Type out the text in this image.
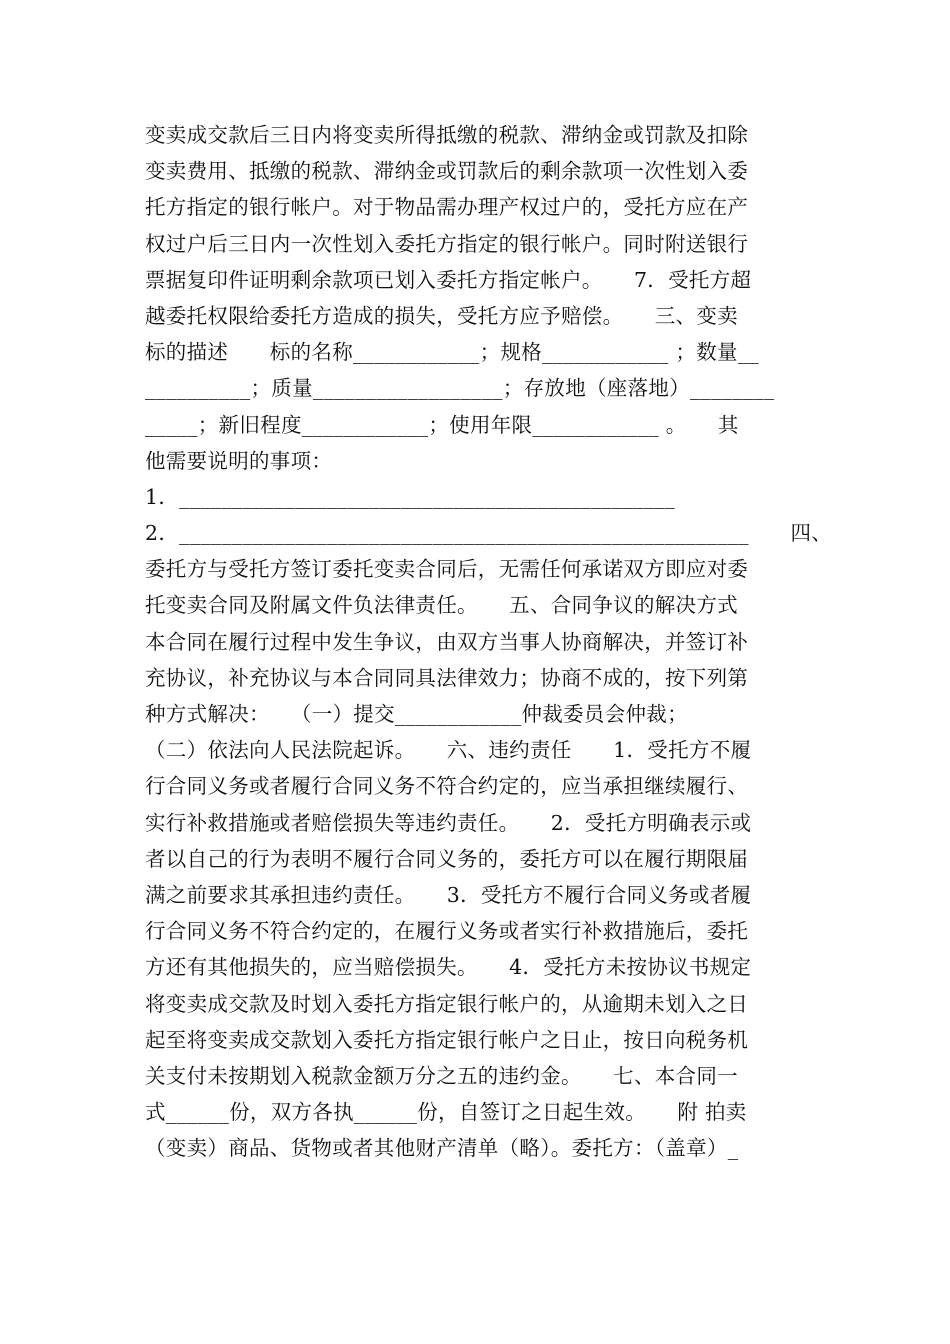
变卖成交款后三日内将变卖所得抵缴的税款、滞纳金或罚款及扣除
变卖费用、抵缴的税款、滞纳金或罚款后的剩余款项一次性划入委
托方指定的银行帐户。对于物品需办理产权过户的，受托方应在产
权过户后三日内一次性划入委托方指定的银行帐户。同时附送银行
票据复印件证明剩余款项已划入委托方指定帐户。　　7．受托方超
越委托权限给委托方造成的损失，受托方应予赔偿。　　三、变卖
标的描述　　标的名称____________；规格____________ ；数量__
__________；质量__________________；存放地（座落地）________
_____；新旧程度____________；使用年限____________ 。　　其
他需要说明的事项：
1．_______________________________________________
2．______________________________________________________　　四、
委托方与受托方签订委托变卖合同后，无需任何承诺双方即应对委
托变卖合同及附属文件负法律责任。　　五、合同争议的解决方式
本合同在履行过程中发生争议，由双方当事人协商解决，并签订补
充协议，补充协议与本合同同具法律效力；协商不成的，按下列第
种方式解决：　　（一）提交____________仲裁委员会仲裁；
（二）依法向人民法院起诉。　　六、违约责任　　1．受托方不履
行合同义务或者履行合同义务不符合约定的，应当承担继续履行、
实行补救措施或者赔偿损失等违约责任。　　2．受托方明确表示或
者以自己的行为表明不履行合同义务的，委托方可以在履行期限届
满之前要求其承担违约责任。　　3．受托方不履行合同义务或者履
行合同义务不符合约定的，在履行义务或者实行补救措施后，委托
方还有其他损失的，应当赔偿损失。　　4．受托方未按协议书规定
将变卖成交款及时划入委托方指定银行帐户的，从逾期未划入之日
起至将变卖成交款划入委托方指定银行帐户之日止，按日向税务机
关支付未按期划入税款金额万分之五的违约金。　　七、本合同一
式______份，双方各执______份，自签订之日起生效。　　附 拍卖
（变卖）商品、货物或者其他财产清单（略）。委托方：（盖章）_
